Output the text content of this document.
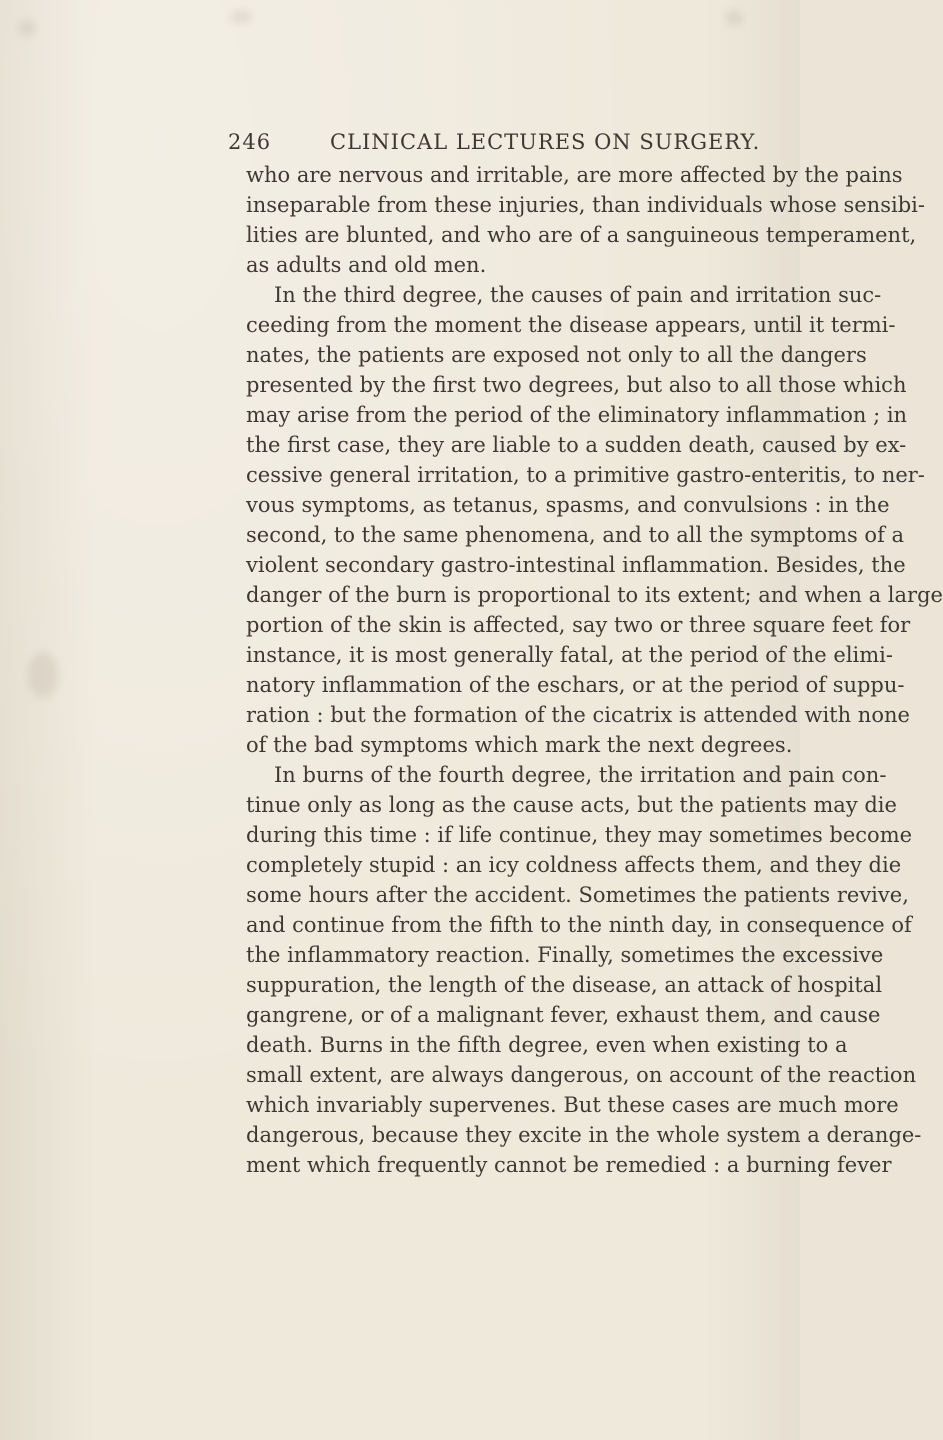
246	CLINICAL LECTURES ON SURGERY.
who are nervous and irritable, are more affected by the pains
inseparable from these injuries, than individuals whose sensibi-
lities are blunted, and who are of a sanguineous temperament,
as adults and old men.
In the third degree, the causes of pain and irritation suc-
ceeding from the moment the disease appears, until it termi-
nates, the patients are exposed not only to all the dangers
presented by the first two degrees, but also to all those which
may arise from the period of the eliminatory inflammation ; in
the first case, they are liable to a sudden death, caused by ex-
cessive general irritation, to a primitive gastro-enteritis, to ner-
vous symptoms, as tetanus, spasms, and convulsions : in the
second, to the same phenomena, and to all the symptoms of a
violent secondary gastro-intestinal inflammation. Besides, the
danger of the burn is proportional to its extent; and when a large
portion of the skin is affected, say two or three square feet for
instance, it is most generally fatal, at the period of the elimi-
natory inflammation of the eschars, or at the period of suppu-
ration : but the formation of the cicatrix is attended with none
of the bad symptoms which mark the next degrees.
In burns of the fourth degree, the irritation and pain con-
tinue only as long as the cause acts, but the patients may die
during this time : if life continue, they may sometimes become
completely stupid : an icy coldness affects them, and they die
some hours after the accident. Sometimes the patients revive,
and continue from the fifth to the ninth day, in consequence of
the inflammatory reaction. Finally, sometimes the excessive
suppuration, the length of the disease, an attack of hospital
gangrene, or of a malignant fever, exhaust them, and cause
death. Burns in the fifth degree, even when existing to a
small extent, are always dangerous, on account of the reaction
which invariably supervenes. But these cases are much more
dangerous, because they excite in the whole system a derange-
ment which frequently cannot be remedied : a burning fever
